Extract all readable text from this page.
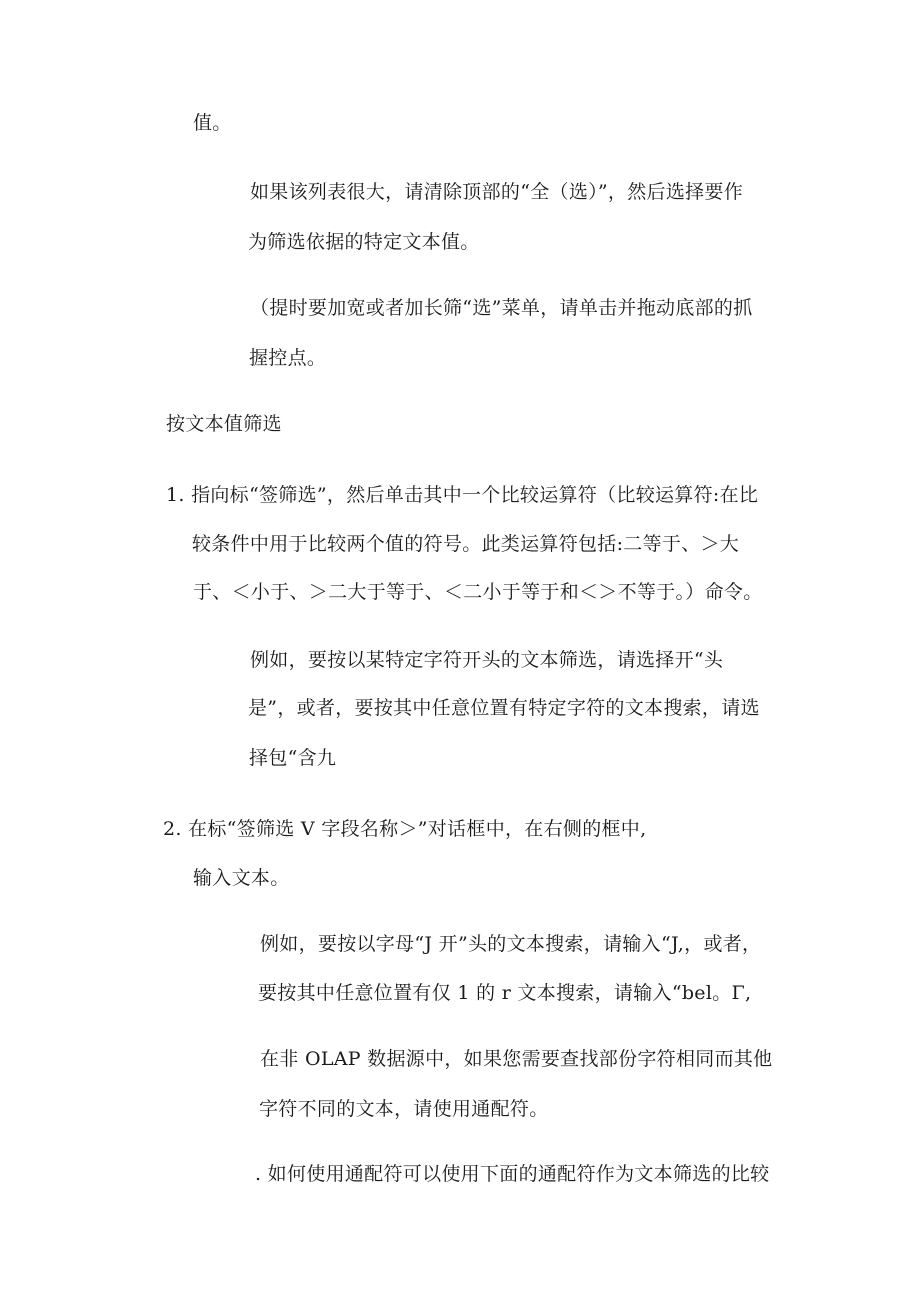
值。
如果该列表很大，请清除顶部的“全（选）”，然后选择要作
为筛选依据的特定文本值。
（提时要加宽或者加长筛“选”菜单，请单击并拖动底部的抓
握控点。
按文本值筛选
1. 指向标“签筛选”，然后单击其中一个比较运算符（比较运算符:在比
较条件中用于比较两个值的符号。此类运算符包括:二等于、＞大
于、＜小于、＞二大于等于、＜二小于等于和＜＞不等于。）命令。
例如，要按以某特定字符开头的文本筛选，请选择开“头
是”，或者，要按其中任意位置有特定字符的文本搜索，请选
择包“含九
2. 在标“签筛选 V 字段名称＞”对话框中，在右侧的框中,
输入文本。
例如，要按以字母“J 开”头的文本搜索，请输入“J,，或者，
要按其中任意位置有仅 1 的 r 文本搜索，请输入“bel。Γ,
在非 OLAP 数据源中，如果您需要查找部份字符相同而其他
字符不同的文本，请使用通配符。
. 如何使用通配符可以使用下面的通配符作为文本筛选的比较
